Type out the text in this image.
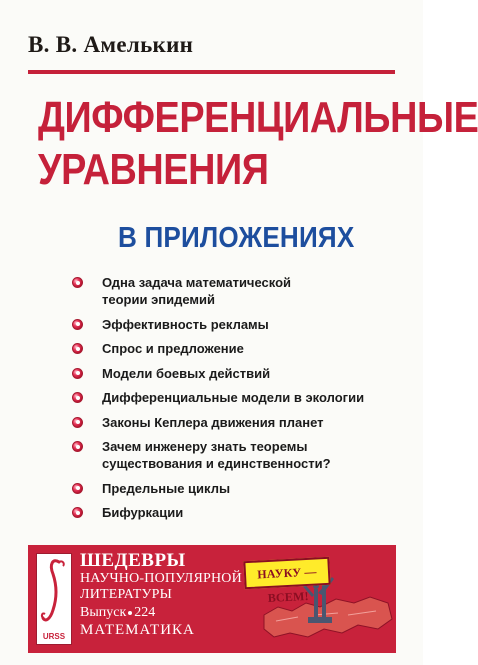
В. В. Амелькин
ДИФФЕРЕНЦИАЛЬНЫЕ
УРАВНЕНИЯ
В ПРИЛОЖЕНИЯХ
Одна задача математической
теории эпидемий
Эффективность рекламы
Спрос и предложение
Модели боевых действий
Дифференциальные модели в экологии
Законы Кеплера движения планет
Зачем инженеру знать теоремы
существования и единственности?
Предельные циклы
Бифуркации
URSS
ШЕДЕВРЫ
НАУЧНО-ПОПУЛЯРНОЙ
ЛИТЕРАТУРЫ
Выпуск 224
МАТЕМАТИКА
НАУКУ — ВСЕМ!
